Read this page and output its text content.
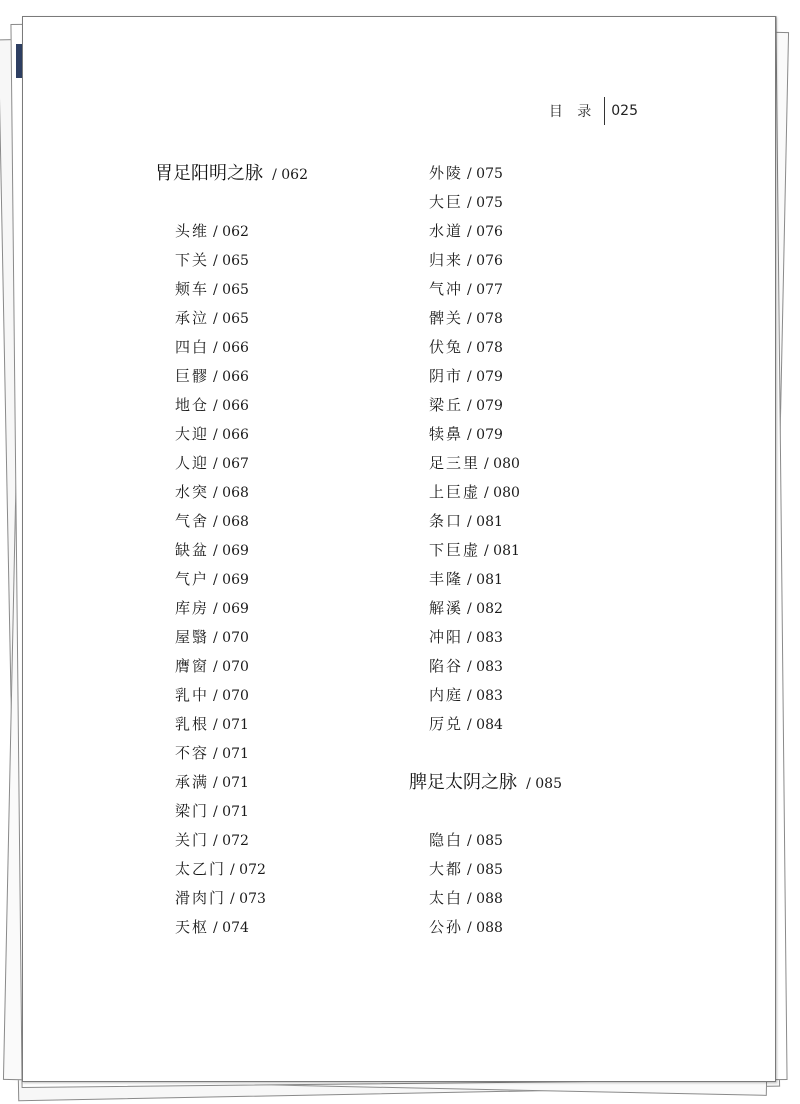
目 录	025
胃足阳明之脉 / 062
头维 / 062
下关 / 065
颊车 / 065
承泣 / 065
四白 / 066
巨髎 / 066
地仓 / 066
大迎 / 066
人迎 / 067
水突 / 068
气舍 / 068
缺盆 / 069
气户 / 069
库房 / 069
屋翳 / 070
膺窗 / 070
乳中 / 070
乳根 / 071
不容 / 071
承满 / 071
梁门 / 071
关门 / 072
太乙门 / 072
滑肉门 / 073
天枢 / 074
外陵 / 075
大巨 / 075
水道 / 076
归来 / 076
气冲 / 077
髀关 / 078
伏兔 / 078
阴市 / 079
梁丘 / 079
犊鼻 / 079
足三里 / 080
上巨虚 / 080
条口 / 081
下巨虚 / 081
丰隆 / 081
解溪 / 082
冲阳 / 083
陷谷 / 083
内庭 / 083
厉兑 / 084
脾足太阴之脉 / 085
隐白 / 085
大都 / 085
太白 / 088
公孙 / 088
